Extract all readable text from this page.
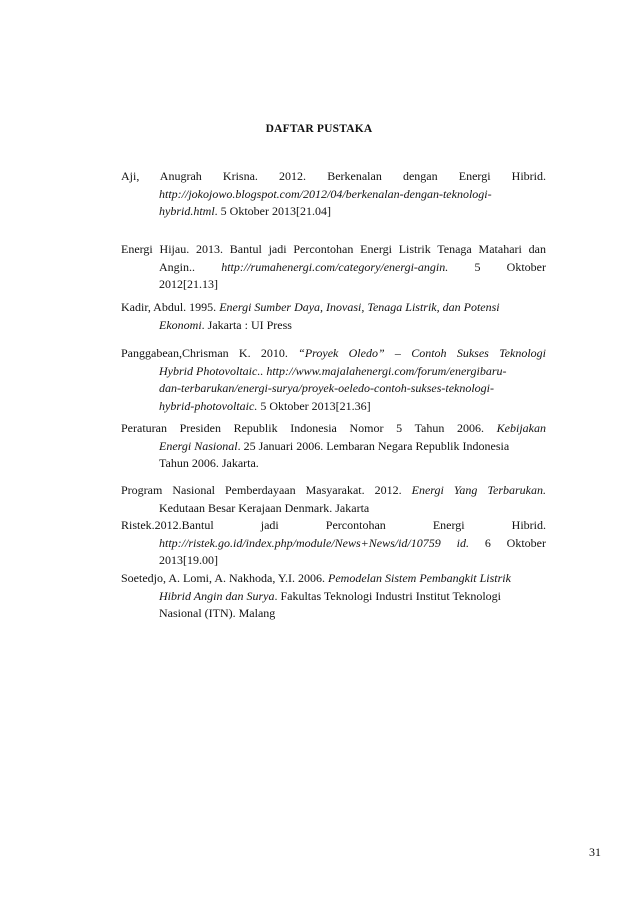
DAFTAR PUSTAKA
Aji, Anugrah Krisna. 2012. Berkenalan dengan Energi Hibrid.
http://jokojowo.blogspot.com/2012/04/berkenalan-dengan-teknologi-
hybrid.html. 5 Oktober 2013[21.04]
Energi Hijau. 2013. Bantul jadi Percontohan Energi Listrik Tenaga Matahari dan
Angin.. http://rumahenergi.com/category/energi-angin. 5 Oktober
2012[21.13]
Kadir, Abdul. 1995. Energi Sumber Daya, Inovasi, Tenaga Listrik, dan Potensi
Ekonomi. Jakarta : UI Press
Panggabean,Chrisman K. 2010. “Proyek Oledo” – Contoh Sukses Teknologi
Hybrid Photovoltaic.. http://www.majalahenergi.com/forum/energibaru-
dan-terbarukan/energi-surya/proyek-oeledo-contoh-sukses-teknologi-
hybrid-photovoltaic. 5 Oktober 2013[21.36]
Peraturan Presiden Republik Indonesia Nomor 5 Tahun 2006. Kebijakan
Energi Nasional. 25 Januari 2006. Lembaran Negara Republik Indonesia
Tahun 2006. Jakarta.
Program Nasional Pemberdayaan Masyarakat. 2012. Energi Yang Terbarukan.
Kedutaan Besar Kerajaan Denmark. Jakarta
Ristek.2012.Bantul jadi Percontohan Energi Hibrid.
http://ristek.go.id/index.php/module/News+News/id/10759 id. 6 Oktober
2013[19.00]
Soetedjo, A. Lomi, A. Nakhoda, Y.I. 2006. Pemodelan Sistem Pembangkit Listrik
Hibrid Angin dan Surya. Fakultas Teknologi Industri Institut Teknologi
Nasional (ITN). Malang
31
